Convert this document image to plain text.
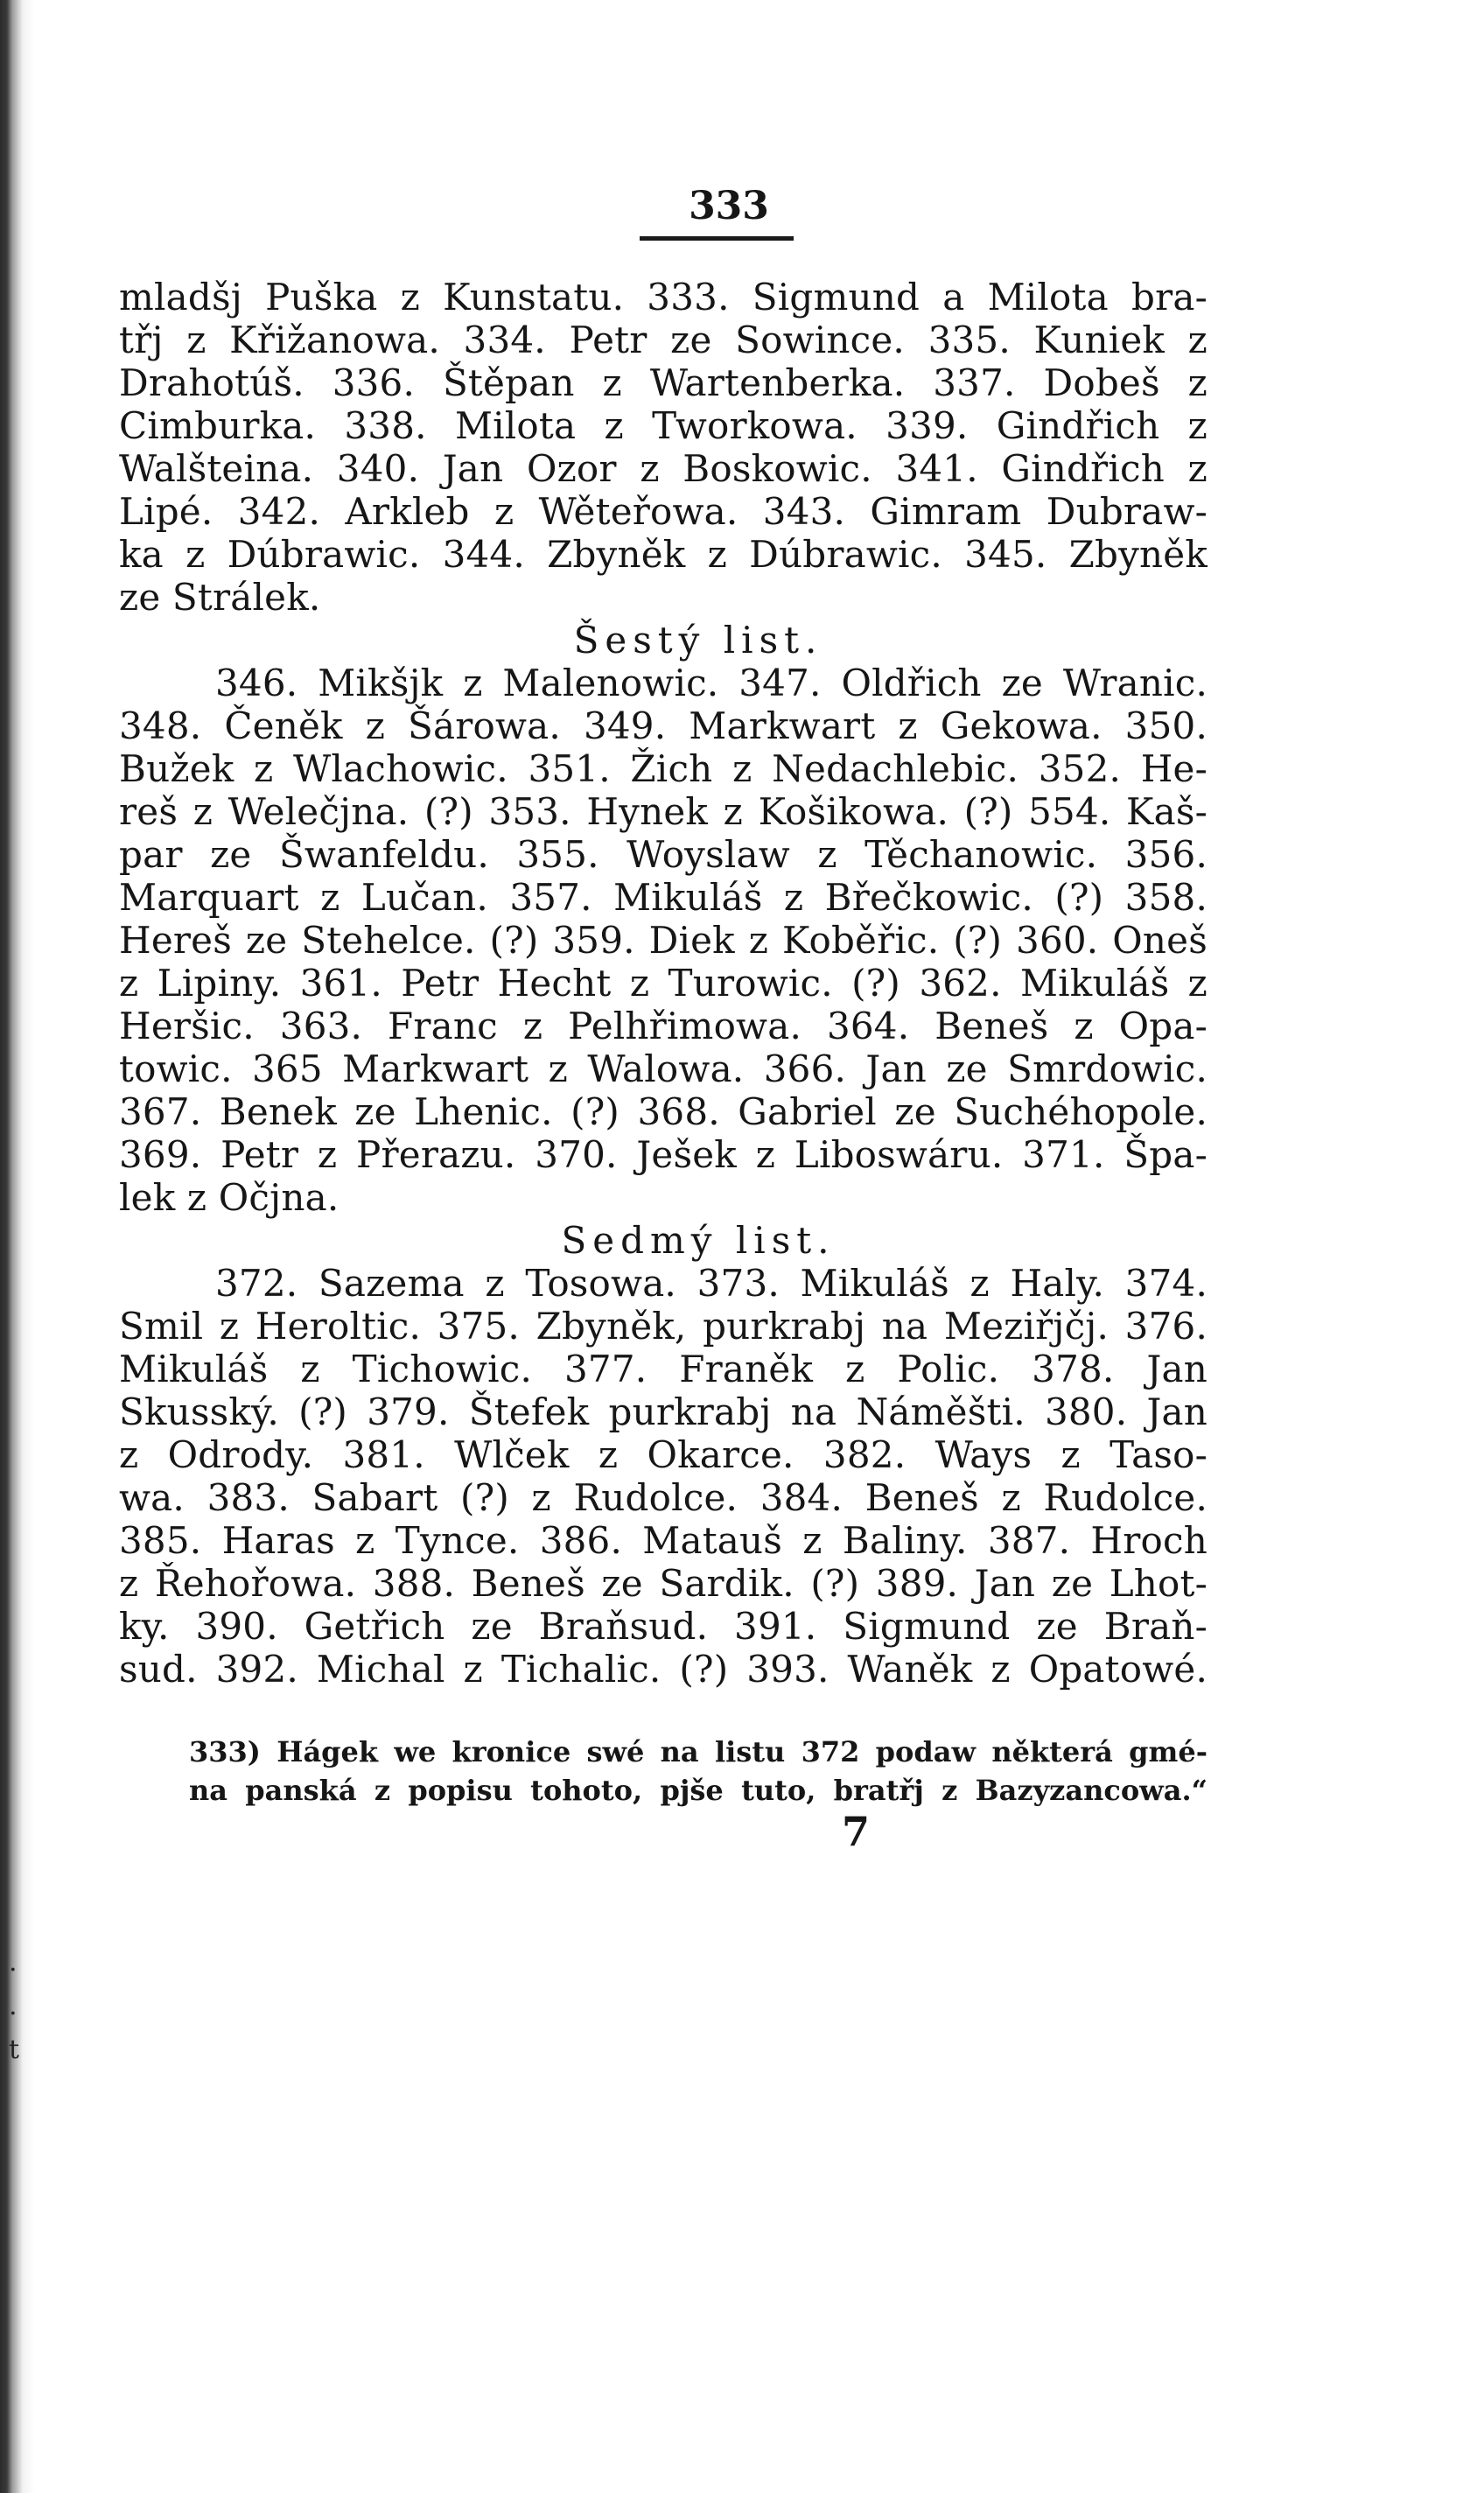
.
.
t
333
mladšj Puška z Kunstatu. 333. Sigmund a Milota bra-
třj z Křižanowa. 334. Petr ze Sowince. 335. Kuniek z
Drahotúš. 336. Štěpan z Wartenberka. 337. Dobeš z
Cimburka. 338. Milota z Tworkowa. 339. Gindřich z
Walšteina. 340. Jan Ozor z Boskowic. 341. Gindřich z
Lipé. 342. Arkleb z Wěteřowa. 343. Gimram Dubraw-
ka z Dúbrawic. 344. Zbyněk z Dúbrawic. 345. Zbyněk
ze Strálek.
Šestý list.
346. Mikšjk z Malenowic. 347. Oldřich ze Wranic.
348. Čeněk z Šárowa. 349. Markwart z Gekowa. 350.
Bužek z Wlachowic. 351. Žich z Nedachlebic. 352. He-
reš z Welečjna. (?) 353. Hynek z Košikowa. (?) 554. Kaš-
par ze Šwanfeldu. 355. Woyslaw z Těchanowic. 356.
Marquart z Lučan. 357. Mikuláš z Břečkowic. (?) 358.
Hereš ze Stehelce. (?) 359. Diek z Koběřic. (?) 360. Oneš
z Lipiny. 361. Petr Hecht z Turowic. (?) 362. Mikuláš z
Heršic. 363. Franc z Pelhřimowa. 364. Beneš z Opa-
towic. 365 Markwart z Walowa. 366. Jan ze Smrdowic.
367. Benek ze Lhenic. (?) 368. Gabriel ze Suchéhopole.
369. Petr z Přerazu. 370. Ješek z Liboswáru. 371. Špa-
lek z Očjna.
Sedmý list.
372. Sazema z Tosowa. 373. Mikuláš z Haly. 374.
Smil z Heroltic. 375. Zbyněk, purkrabj na Meziřjčj. 376.
Mikuláš z Tichowic. 377. Franěk z Polic. 378. Jan
Skusský. (?) 379. Štefek purkrabj na Náměšti. 380. Jan
z Odrody. 381. Wlček z Okarce. 382. Ways z Taso-
wa. 383. Sabart (?) z Rudolce. 384. Beneš z Rudolce.
385. Haras z Tynce. 386. Matauš z Baliny. 387. Hroch
z Řehořowa. 388. Beneš ze Sardik. (?) 389. Jan ze Lhot-
ky. 390. Getřich ze Braňsud. 391. Sigmund ze Braň-
sud. 392. Michal z Tichalic. (?) 393. Waněk z Opatowé.
333) Hágek we kronice swé na listu 372 podaw některá gmé-
na panská z popisu tohoto, pjše tuto, bratřj z Bazyzancowa.“
7
